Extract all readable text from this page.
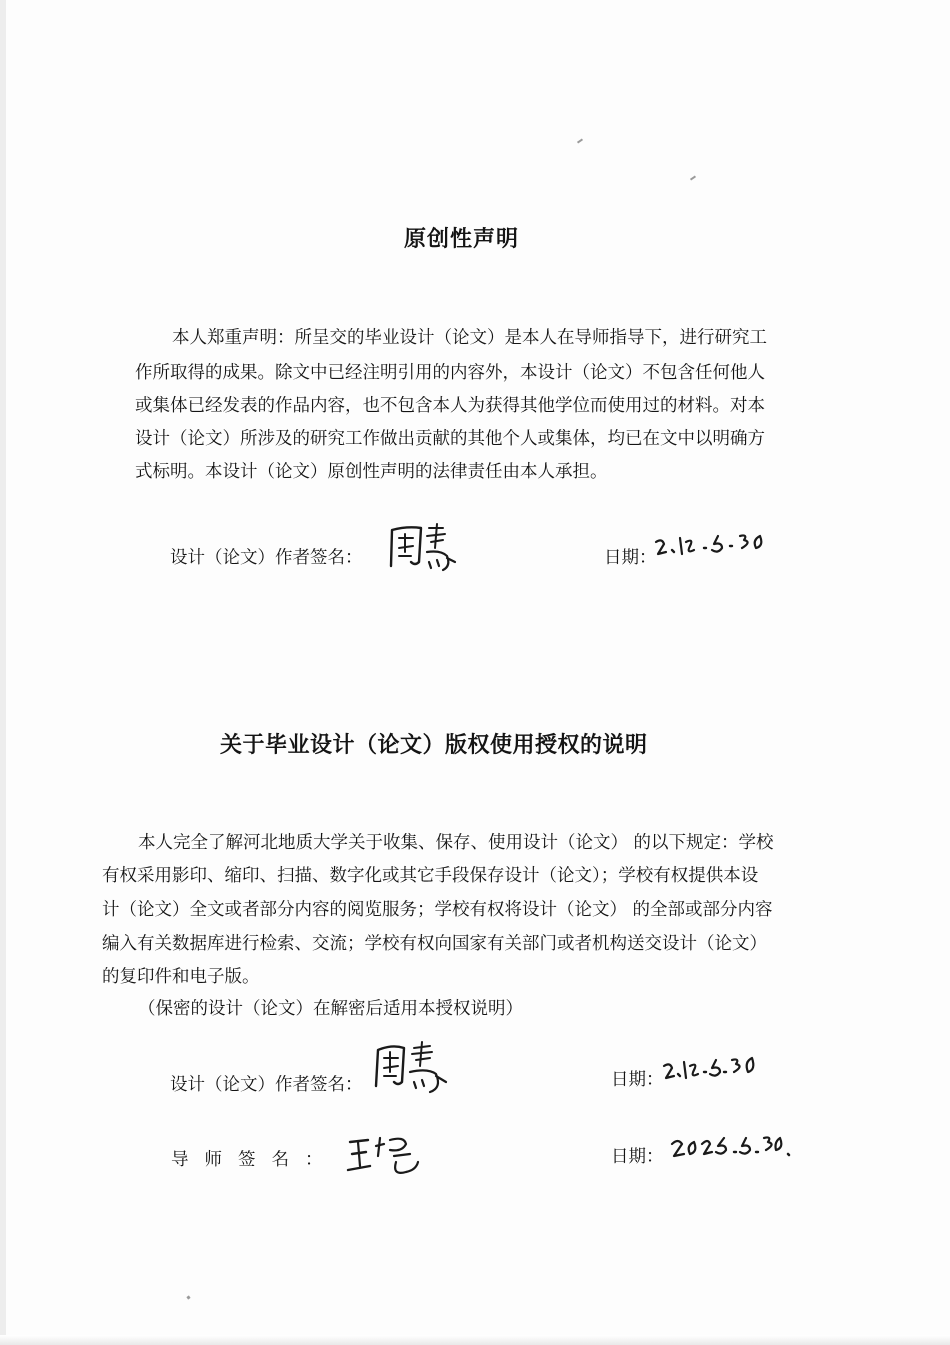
原创性声明
本人郑重声明：所呈交的毕业设计（论文）是本人在导师指导下，进行研究工
作所取得的成果。除文中已经注明引用的内容外，本设计（论文）不包含任何他人
或集体已经发表的作品内容，也不包含本人为获得其他学位而使用过的材料。对本
设计（论文）所涉及的研究工作做出贡献的其他个人或集体，均已在文中以明确方
式标明。本设计（论文）原创性声明的法律责任由本人承担。
设计（论文）作者签名：	日期：
关于毕业设计（论文）版权使用授权的说明
本人完全了解河北地质大学关于收集、保存、使用设计（论文） 的以下规定：学校
有权采用影印、缩印、扫描、数字化或其它手段保存设计（论文）；学校有权提供本设
计（论文）全文或者部分内容的阅览服务；学校有权将设计（论文） 的全部或部分内容
编入有关数据库进行检索、交流；学校有权向国家有关部门或者机构送交设计（论文）
的复印件和电子版。
（保密的设计（论文）在解密后适用本授权说明）
设计（论文）作者签名：	日期：
导师签名：	日期：
